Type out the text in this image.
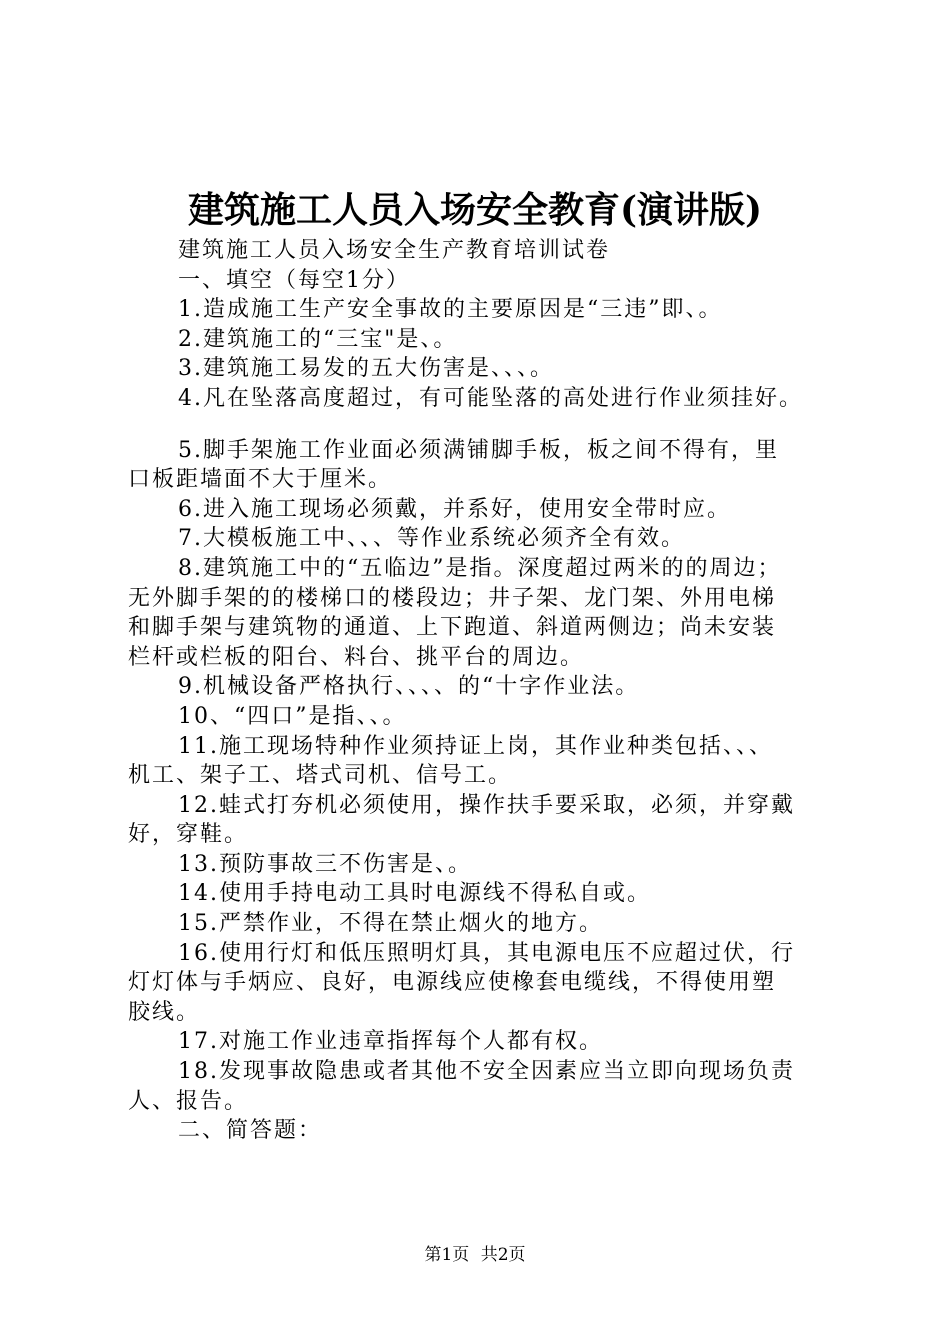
建筑施工人员入场安全教育(演讲版)

建筑施工人员入场安全生产教育培训试卷

一、填空（每空1分）

1.造成施工生产安全事故的主要原因是“三违”即、。

2.建筑施工的“三宝"是、。

3.建筑施工易发的五大伤害是、、、。

4.凡在坠落高度超过，有可能坠落的高处进行作业须挂好。

5.脚手架施工作业面必须满铺脚手板，板之间不得有，里

口板距墙面不大于厘米。

6.进入施工现场必须戴，并系好，使用安全带时应。

7.大模板施工中、、、等作业系统必须齐全有效。

8.建筑施工中的“五临边”是指。深度超过两米的的周边；

无外脚手架的的楼梯口的楼段边；井子架、龙门架、外用电梯
和脚手架与建筑物的通道、上下跑道、斜道两侧边；尚未安装
栏杆或栏板的阳台、料台、挑平台的周边。

9.机械设备严格执行、、、、的“十字作业法。

10、“四口”是指、、。

11.施工现场特种作业须持证上岗，其作业种类包括、、、

机工、架子工、塔式司机、信号工。

12.蛙式打夯机必须使用，操作扶手要采取，必须，并穿戴

好，穿鞋。

13.预防事故三不伤害是、。

14.使用手持电动工具时电源线不得私自或。

15.严禁作业，不得在禁止烟火的地方。

16.使用行灯和低压照明灯具，其电源电压不应超过伏，行

灯灯体与手炳应、良好，电源线应使橡套电缆线，不得使用塑
胶线。

17.对施工作业违章指挥每个人都有权。

18.发现事故隐患或者其他不安全因素应当立即向现场负责

人、报告。

二、简答题：

第1页 共2页
